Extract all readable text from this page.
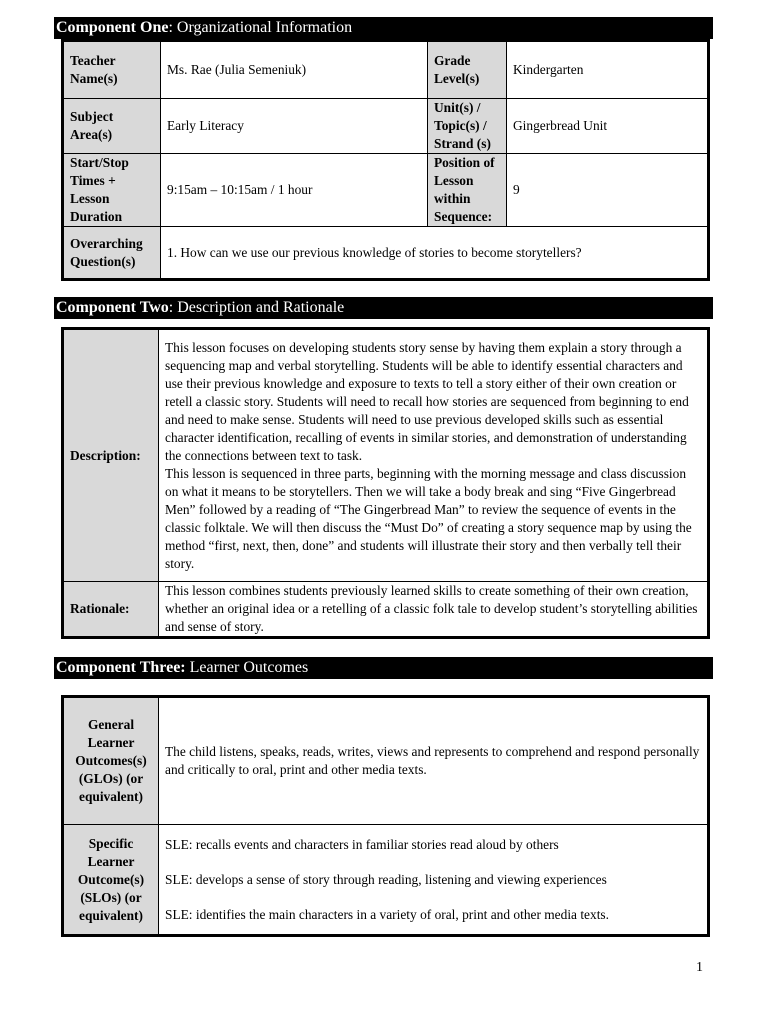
Component One: Organizational Information
Teacher Name(s)	Ms. Rae (Julia Semeniuk)	Grade Level(s)	Kindergarten
Subject Area(s)	Early Literacy	Unit(s) / Topic(s) / Strand (s)	Gingerbread Unit
Start/Stop Times + Lesson Duration	9:15am – 10:15am / 1 hour	Position of Lesson within Sequence:	9
Overarching Question(s)	1. How can we use our previous knowledge of stories to become storytellers?		
Component Two: Description and Rationale
Description:	This lesson focuses on developing students story sense by having them explain a story through a sequencing map and verbal storytelling. Students will be able to identify essential characters and use their previous knowledge and exposure to texts to tell a story either of their own creation or retell a classic story. Students will need to recall how stories are sequenced from beginning to end and need to make sense. Students will need to use previous developed skills such as essential character identification, recalling of events in similar stories, and demonstration of understanding the connections between text to task.

This lesson is sequenced in three parts, beginning with the morning message and class discussion on what it means to be storytellers. Then we will take a body break and sing “Five Gingerbread Men” followed by a reading of “The Gingerbread Man” to review the sequence of events in the classic folktale. We will then discuss the “Must Do” of creating a story sequence map by using the method “first, next, then, done” and students will illustrate their story and then verbally tell their story.

Rationale:	This lesson combines students previously learned skills to create something of their own creation, whether an original idea or a retelling of a classic folk tale to develop student’s storytelling abilities and sense of story.
Component Three: Learner Outcomes
General Learner Outcomes(s) (GLOs) (or equivalent)	The child listens, speaks, reads, writes, views and represents to comprehend and respond personally and critically to oral, print and other media texts.
Specific Learner Outcome(s) (SLOs) (or equivalent)	SLE: recalls events and characters in familiar stories read aloud by others

SLE: develops a sense of story through reading, listening and viewing experiences

SLE: identifies the main characters in a variety of oral, print and other media texts.

1
